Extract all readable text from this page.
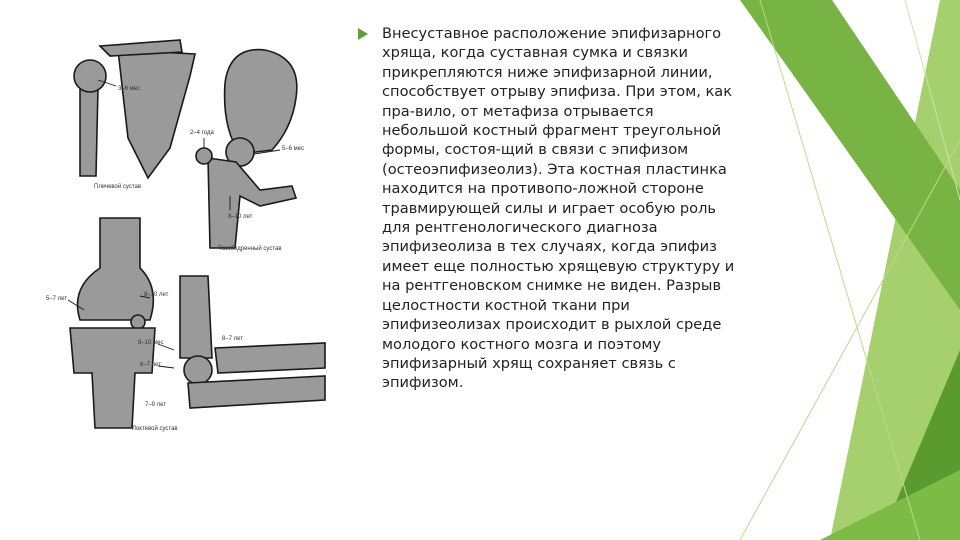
3–6 мес
Плечевой сустав
2–4 года
5–6 мес
8–10 лет
Тазобедренный сустав
5–7 лет
8–10 лет
8–10 мес
6–7 лет
8–7 лет
7–9 лет
Локтевой сустав

Внесуставное расположение эпифизарного хряща, когда суставная сумка и связки прикрепляются ниже эпифизарной линии, способствует отрыву эпифиза. При этом, как пра-вило, от метафиза отрывается небольшой костный фрагмент треугольной формы, состоя-щий в связи с эпифизом (остеоэпифизеолиз). Эта костная пластинка находится на противопо-ложной стороне травмирующей силы и играет особую роль для рентгенологического диагноза эпифизеолиза в тех случаях, когда эпифиз имеет еще полностью хрящевую структуру и на рентгеновском снимке не виден. Разрыв целостности костной ткани при эпифизеолизах происходит в рыхлой среде молодого костного мозга и поэтому эпифизарный хрящ сохраняет связь с эпифизом.
